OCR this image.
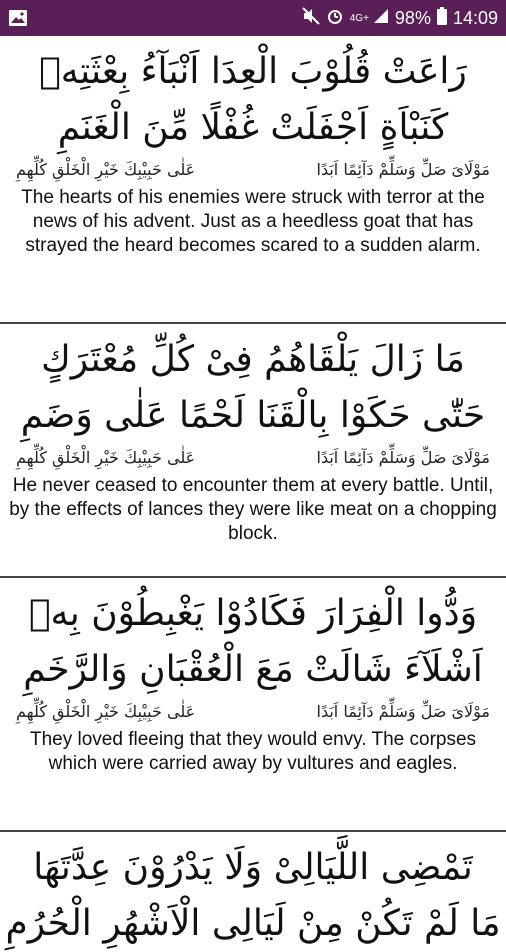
4G+ 98% 14:09
رَاعَتْ قُلُوْبَ الْعِدَا اَنْبَآءُ بِعْثَتِهٖ
كَنَبْاَةٍ اَجْفَلَتْ غُفْلًا مِّنَ الْغَنَمِ
مَوْلَایَ صَلِّ وَسَلِّمْ دَآئِمًا اَبَدًا
عَلٰی حَبِیْبِكَ خَیْرِ الْخَلْقِ كُلِّهِمِ
The hearts of his enemies were struck with terror at the news of his advent. Just as a heedless goat that has strayed the heard becomes scared to a sudden alarm.
مَا زَالَ يَلْقَاهُمُ فِیْ كُلِّ مُعْتَرَكٍ
حَتّٰى حَكَوْا بِالْقَنَا لَحْمًا عَلٰى وَضَمِ
مَوْلَایَ صَلِّ وَسَلِّمْ دَآئِمًا اَبَدًا
عَلٰی حَبِیْبِكَ خَیْرِ الْخَلْقِ كُلِّهِمِ
He never ceased to encounter them at every battle. Until, by the effects of lances they were like meat on a chopping block.
وَدُّوا الْفِرَارَ فَكَادُوْا يَغْبِطُوْنَ بِهٖ
اَشْلَآءَ شَالَتْ مَعَ الْعُقْبَانِ وَالرَّخَمِ
مَوْلَایَ صَلِّ وَسَلِّمْ دَآئِمًا اَبَدًا
عَلٰی حَبِیْبِكَ خَیْرِ الْخَلْقِ كُلِّهِمِ
They loved fleeing that they would envy. The corpses which were carried away by vultures and eagles.
تَمْضِی اللَّيَالِیْ وَلَا يَدْرُوْنَ عِدَّتَهَا
مَا لَمْ تَكُنْ مِنْ لَيَالِی الْاَشْهُرِ الْحُرُمِ
